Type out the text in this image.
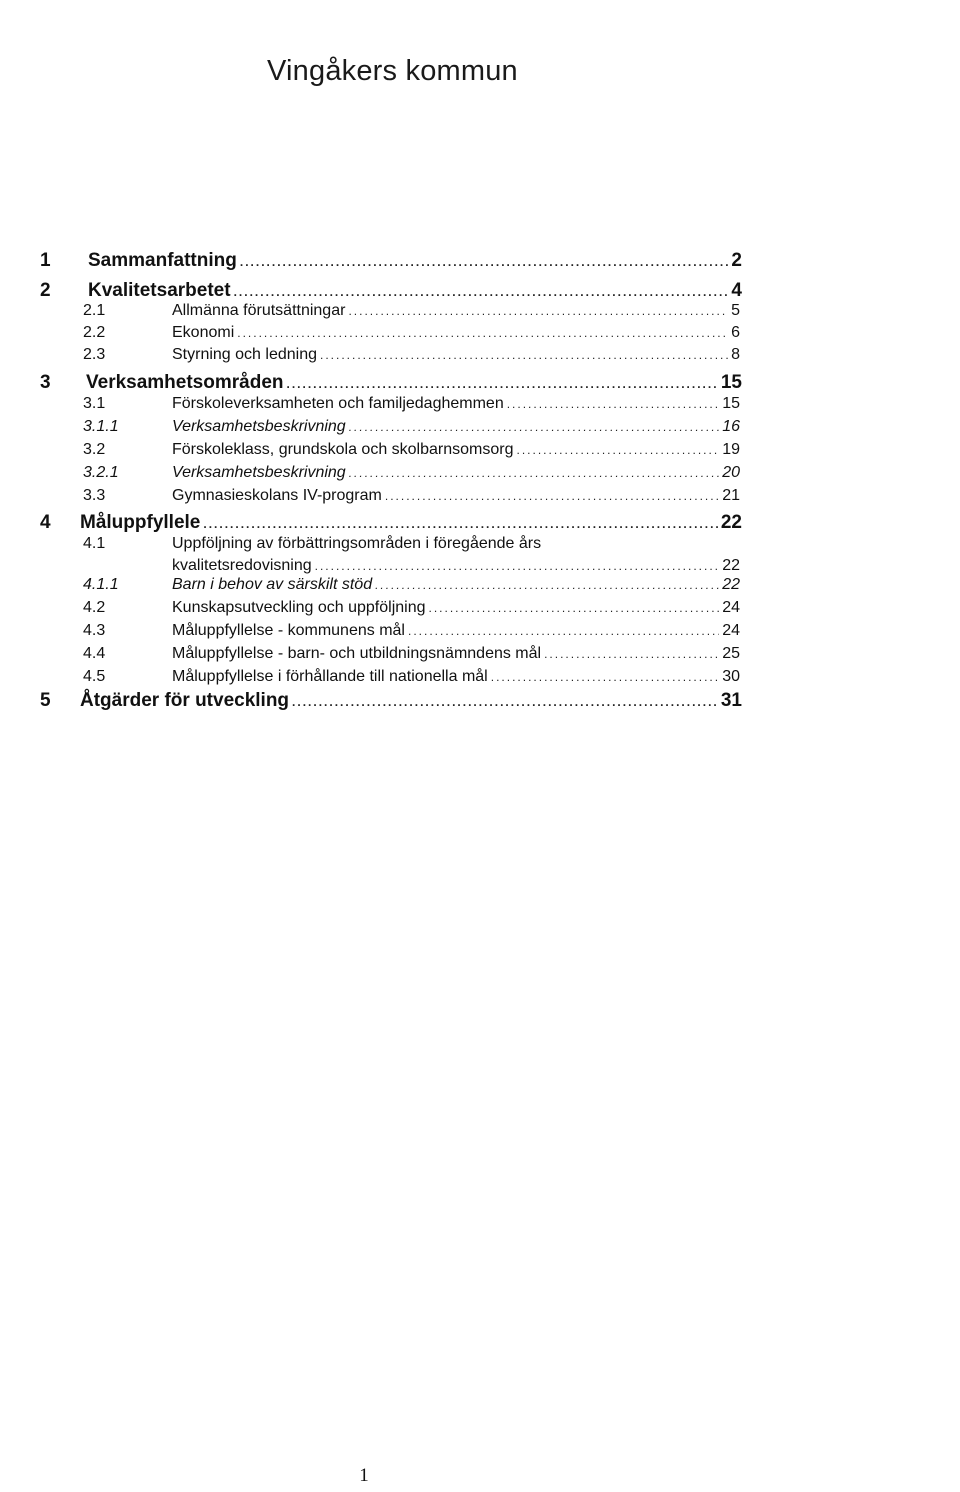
Vingåkers kommun
1 Sammanfattning .....	2
2 Kvalitetsarbetet .....	4
2.1	Allmänna förutsättningar .....	5
2.2	Ekonomi .....	6
2.3	Styrning och ledning .....	8
3 Verksamhetsområden .....	15
3.1	Förskoleverksamheten och familjedaghemmen .....	15
3.1.1	Verksamhetsbeskrivning .....	16
3.2	Förskoleklass, grundskola och skolbarnsomsorg .....	19
3.2.1	Verksamhetsbeskrivning .....	20
3.3	Gymnasieskolans IV-program .....	21
4 Måluppfyllele .....	22
4.1	Uppföljning av förbättringsområden i föregående års
kvalitetsredovisning .....	22
4.1.1	Barn i behov av särskilt stöd .....	22
4.2	Kunskapsutveckling och uppföljning .....	24
4.3	Måluppfyllelse - kommunens mål .....	24
4.4	Måluppfyllelse - barn- och utbildningsnämndens mål .....	25
4.5	Måluppfyllelse i förhållande till nationella mål .....	30
5 Åtgärder för utveckling .....	31
1
